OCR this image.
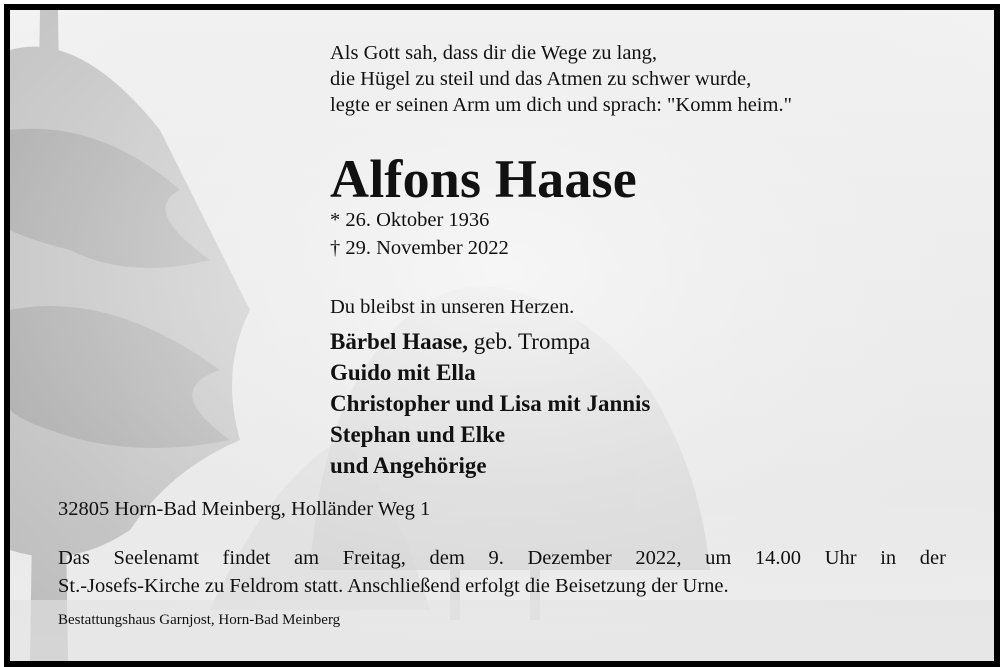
Als Gott sah, dass dir die Wege zu lang,
die Hügel zu steil und das Atmen zu schwer wurde,
legte er seinen Arm um dich und sprach: "Komm heim."
Alfons Haase
* 26. Oktober 1936
† 29. November 2022
Du bleibst in unseren Herzen.
Bärbel Haase, geb. Trompa
Guido mit Ella
Christopher und Lisa mit Jannis
Stephan und Elke
und Angehörige
32805 Horn-Bad Meinberg, Holländer Weg 1
Das Seelenamt findet am Freitag, dem 9. Dezember 2022, um 14.00 Uhr in der
St.-Josefs-Kirche zu Feldrom statt. Anschließend erfolgt die Beisetzung der Urne.
Bestattungshaus Garnjost, Horn-Bad Meinberg
